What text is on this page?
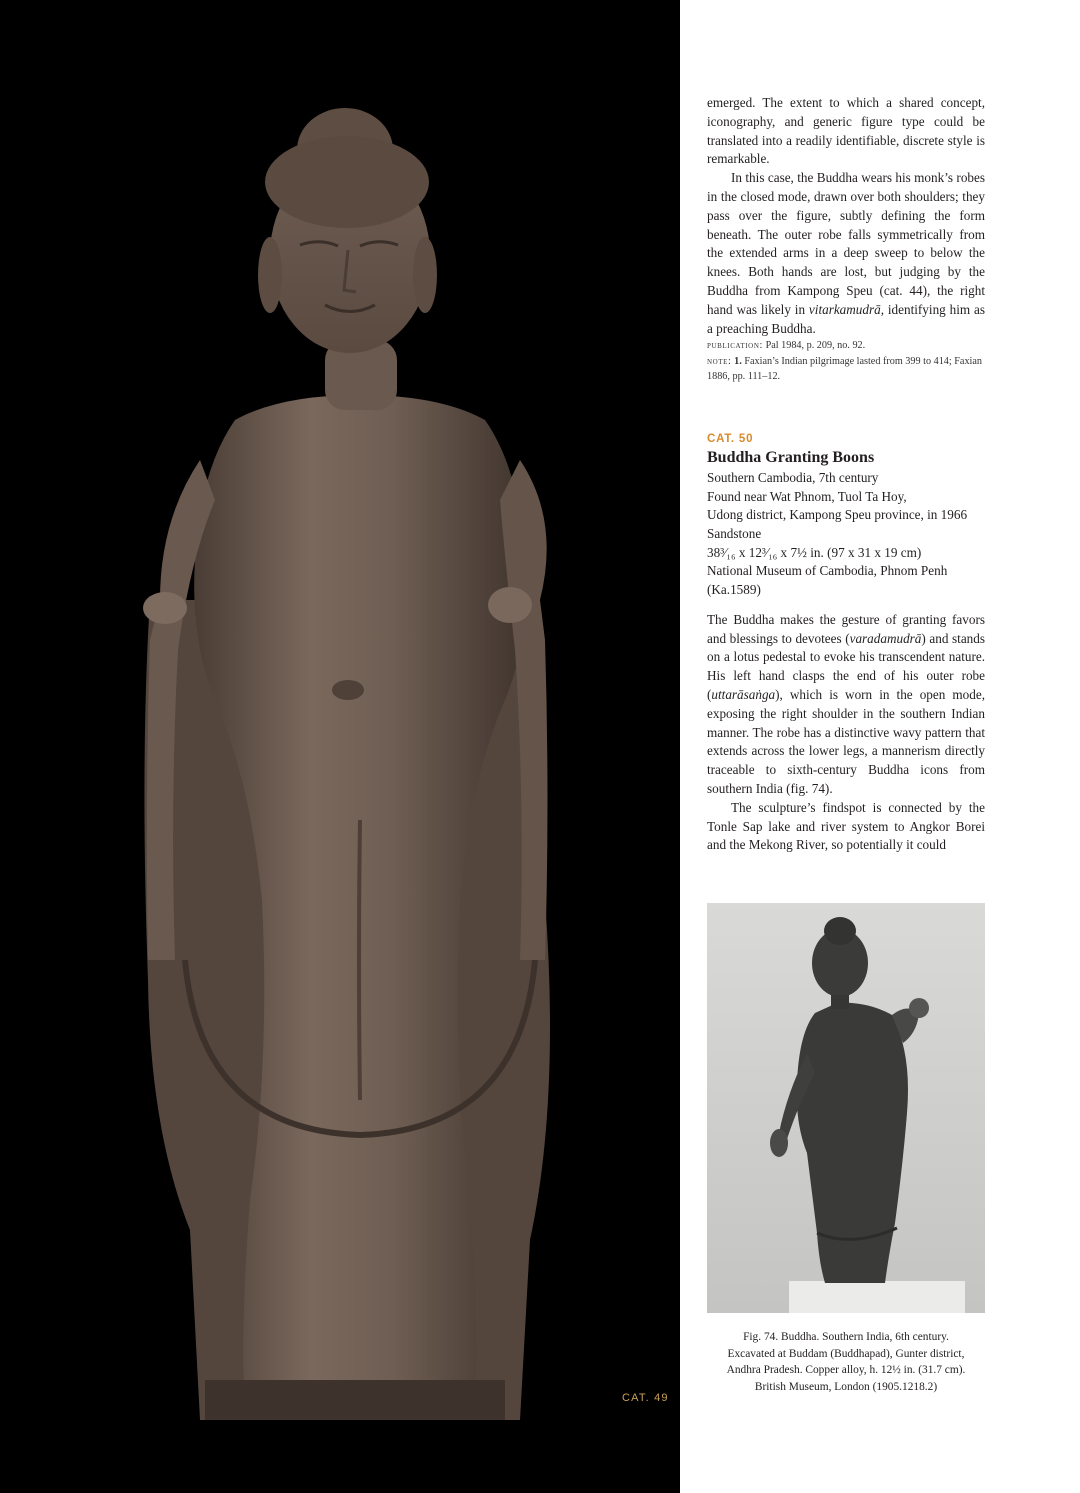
CAT. 49

emerged. The extent to which a shared concept, iconography, and generic figure type could be translated into a readily identifiable, discrete style is remarkable.

In this case, the Buddha wears his monk’s robes in the closed mode, drawn over both shoulders; they pass over the figure, subtly defining the form beneath. The outer robe falls symmetrically from the extended arms in a deep sweep to below the knees. Both hands are lost, but judging by the Buddha from Kampong Speu (cat. 44), the right hand was likely in vitarkamudrā, identifying him as a preaching Buddha.

publication: Pal 1984, p. 209, no. 92.

note: 1. Faxian’s Indian pilgrimage lasted from 399 to 414; Faxian 1886, pp. 111–12.

CAT. 50
Buddha Granting Boons
Southern Cambodia, 7th century
Found near Wat Phnom, Tuol Ta Hoy,
Udong district, Kampong Speu province, in 1966
Sandstone
38³⁄₁₆ x 12³⁄₁₆ x 7½ in. (97 x 31 x 19 cm)
National Museum of Cambodia, Phnom Penh
(Ka.1589)

The Buddha makes the gesture of granting favors and blessings to devotees (varadamudrā) and stands on a lotus pedestal to evoke his transcendent nature. His left hand clasps the end of his outer robe (uttarāsaṅga), which is worn in the open mode, exposing the right shoulder in the southern Indian manner. The robe has a distinctive wavy pattern that extends across the lower legs, a mannerism directly traceable to sixth-century Buddha icons from southern India (fig. 74).

The sculpture’s findspot is connected by the Tonle Sap lake and river system to Angkor Borei and the Mekong River, so potentially it could

Fig. 74. Buddha. Southern India, 6th century.
Excavated at Buddam (Buddhapad), Gunter district,
Andhra Pradesh. Copper alloy, h. 12½ in. (31.7 cm).
British Museum, London (1905.1218.2)
